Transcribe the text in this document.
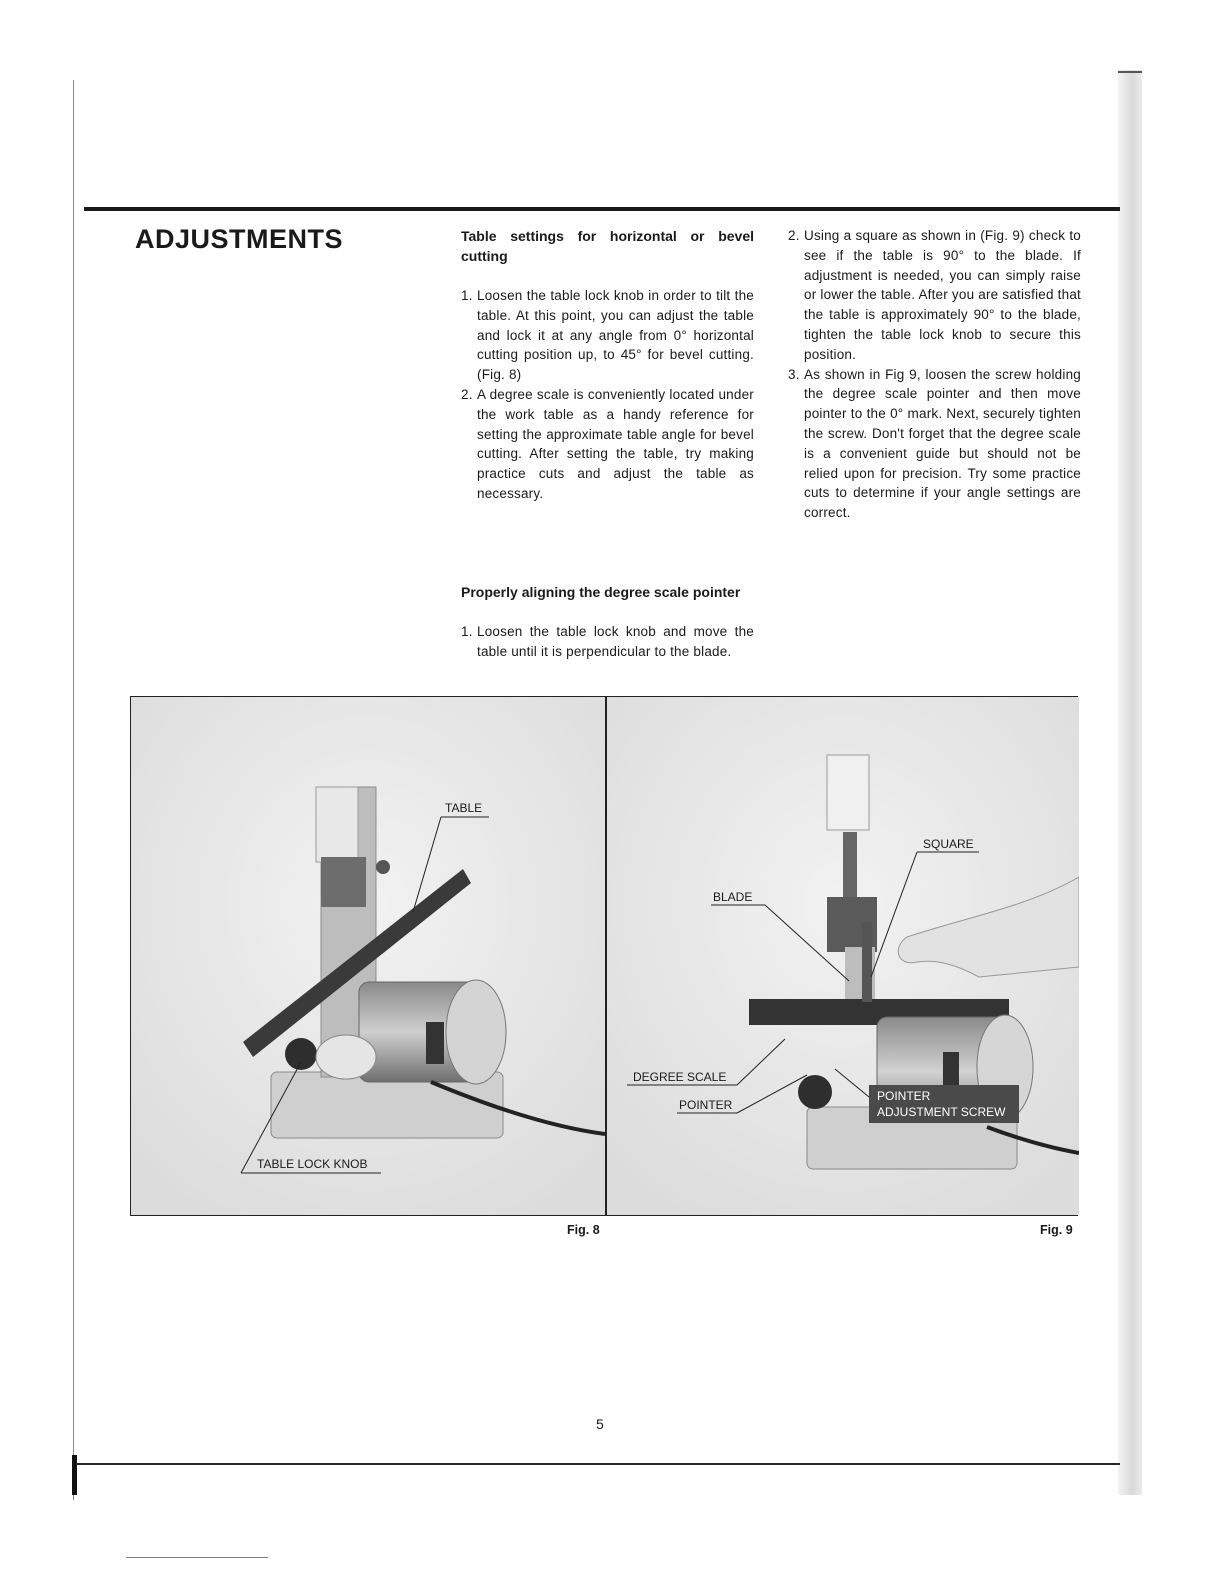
ADJUSTMENTS	Table settings for horizontal or bevel cutting
1. Loosen the table lock knob in order to tilt the table. At this point, you can adjust the table and lock it at any angle from 0° horizontal cutting position up, to 45° for bevel cutting. (Fig. 8)
2. A degree scale is conveniently located under the work table as a handy reference for setting the approximate table angle for bevel cutting. After setting the table, try making practice cuts and adjust the table as necessary.
Properly aligning the degree scale pointer
1. Loosen the table lock knob and move the table until it is perpendicular to the blade.
2. Using a square as shown in (Fig. 9) check to see if the table is 90° to the blade. If adjustment is needed, you can simply raise or lower the table. After you are satisfied that the table is approximately 90° to the blade, tighten the table lock knob to secure this position.
3. As shown in Fig 9, loosen the screw holding the degree scale pointer and then move pointer to the 0° mark. Next, securely tighten the screw. Don't forget that the degree scale is a convenient guide but should not be relied upon for precision. Try some practice cuts to determine if your angle settings are correct.
TABLE
TABLE LOCK KNOB
POINTER
ADJUSTMENT SCREW
SQUARE
BLADE
DEGREE SCALE
POINTER
Fig. 8	Fig. 9
5
